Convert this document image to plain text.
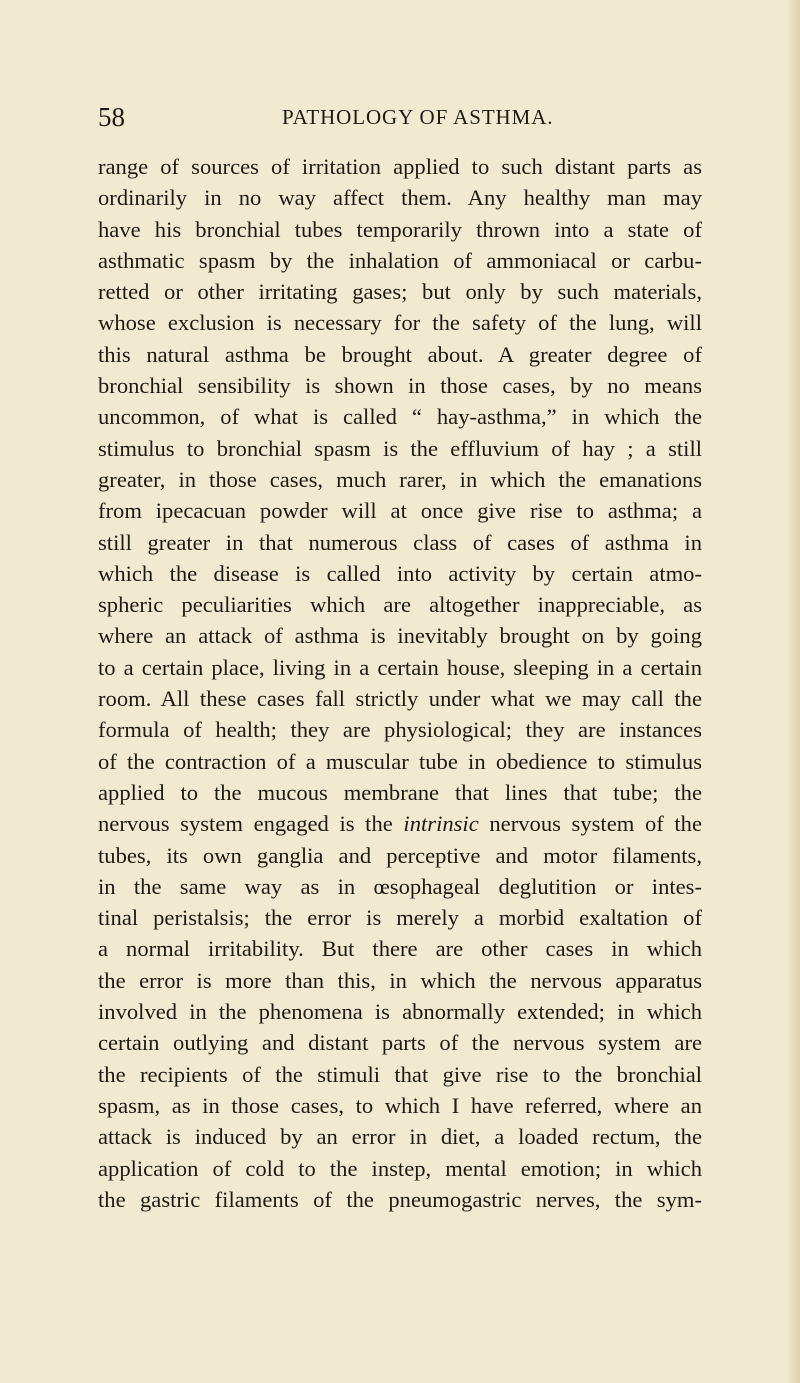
58	PATHOLOGY OF ASTHMA.
range of sources of irritation applied to such distant parts as
ordinarily in no way affect them. Any healthy man may
have his bronchial tubes temporarily thrown into a state of
asthmatic spasm by the inhalation of ammoniacal or carbu-
retted or other irritating gases; but only by such materials,
whose exclusion is necessary for the safety of the lung, will
this natural asthma be brought about. A greater degree of
bronchial sensibility is shown in those cases, by no means
uncommon, of what is called “ hay-asthma,” in which the
stimulus to bronchial spasm is the effluvium of hay ; a still
greater, in those cases, much rarer, in which the emanations
from ipecacuan powder will at once give rise to asthma; a
still greater in that numerous class of cases of asthma in
which the disease is called into activity by certain atmo-
spheric peculiarities which are altogether inappreciable, as
where an attack of asthma is inevitably brought on by going
to a certain place, living in a certain house, sleeping in a certain
room. All these cases fall strictly under what we may call the
formula of health; they are physiological; they are instances
of the contraction of a muscular tube in obedience to stimulus
applied to the mucous membrane that lines that tube; the
nervous system engaged is the intrinsic nervous system of the
tubes, its own ganglia and perceptive and motor filaments,
in the same way as in œsophageal deglutition or intes-
tinal peristalsis; the error is merely a morbid exaltation of
a normal irritability. But there are other cases in which
the error is more than this, in which the nervous apparatus
involved in the phenomena is abnormally extended; in which
certain outlying and distant parts of the nervous system are
the recipients of the stimuli that give rise to the bronchial
spasm, as in those cases, to which I have referred, where an
attack is induced by an error in diet, a loaded rectum, the
application of cold to the instep, mental emotion; in which
the gastric filaments of the pneumogastric nerves, the sym-
